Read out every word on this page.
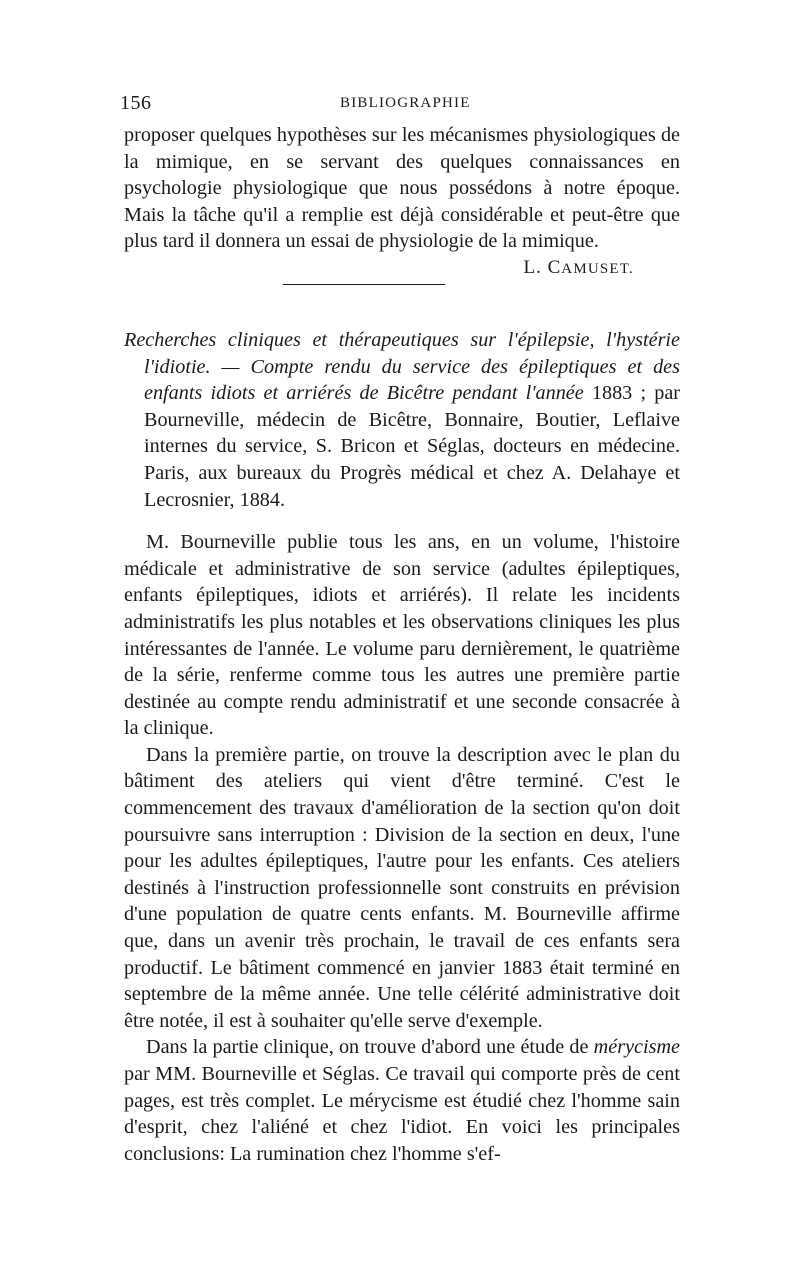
156	BIBLIOGRAPHIE

proposer quelques hypothèses sur les mécanismes physiologiques de la mimique, en se servant des quelques connaissances en psychologie physiologique que nous possédons à notre époque. Mais la tâche qu'il a remplie est déjà considérable et peut-être que plus tard il donnera un essai de physiologie de la mimique.

L. CAMUSET.
Recherches cliniques et thérapeutiques sur l'épilepsie, l'hystérie l'idiotie. — Compte rendu du service des épileptiques et des enfants idiots et arriérés de Bicêtre pendant l'année 1883 ; par Bourneville, médecin de Bicêtre, Bonnaire, Boutier, Leflaive internes du service, S. Bricon et Séglas, docteurs en médecine. Paris, aux bureaux du Progrès médical et chez A. Delahaye et Lecrosnier, 1884.

M. Bourneville publie tous les ans, en un volume, l'histoire médicale et administrative de son service (adultes épileptiques, enfants épileptiques, idiots et arriérés). Il relate les incidents administratifs les plus notables et les observations cliniques les plus intéressantes de l'année. Le volume paru dernièrement, le quatrième de la série, renferme comme tous les autres une première partie destinée au compte rendu administratif et une seconde consacrée à la clinique.

Dans la première partie, on trouve la description avec le plan du bâtiment des ateliers qui vient d'être terminé. C'est le commencement des travaux d'amélioration de la section qu'on doit poursuivre sans interruption : Division de la section en deux, l'une pour les adultes épileptiques, l'autre pour les enfants. Ces ateliers destinés à l'instruction professionnelle sont construits en prévision d'une population de quatre cents enfants. M. Bourneville affirme que, dans un avenir très prochain, le travail de ces enfants sera productif. Le bâtiment commencé en janvier 1883 était terminé en septembre de la même année. Une telle célérité administrative doit être notée, il est à souhaiter qu'elle serve d'exemple.

Dans la partie clinique, on trouve d'abord une étude de mérycisme par MM. Bourneville et Séglas. Ce travail qui comporte près de cent pages, est très complet. Le mérycisme est étudié chez l'homme sain d'esprit, chez l'aliéné et chez l'idiot. En voici les principales conclusions: La rumination chez l'homme s'ef-
